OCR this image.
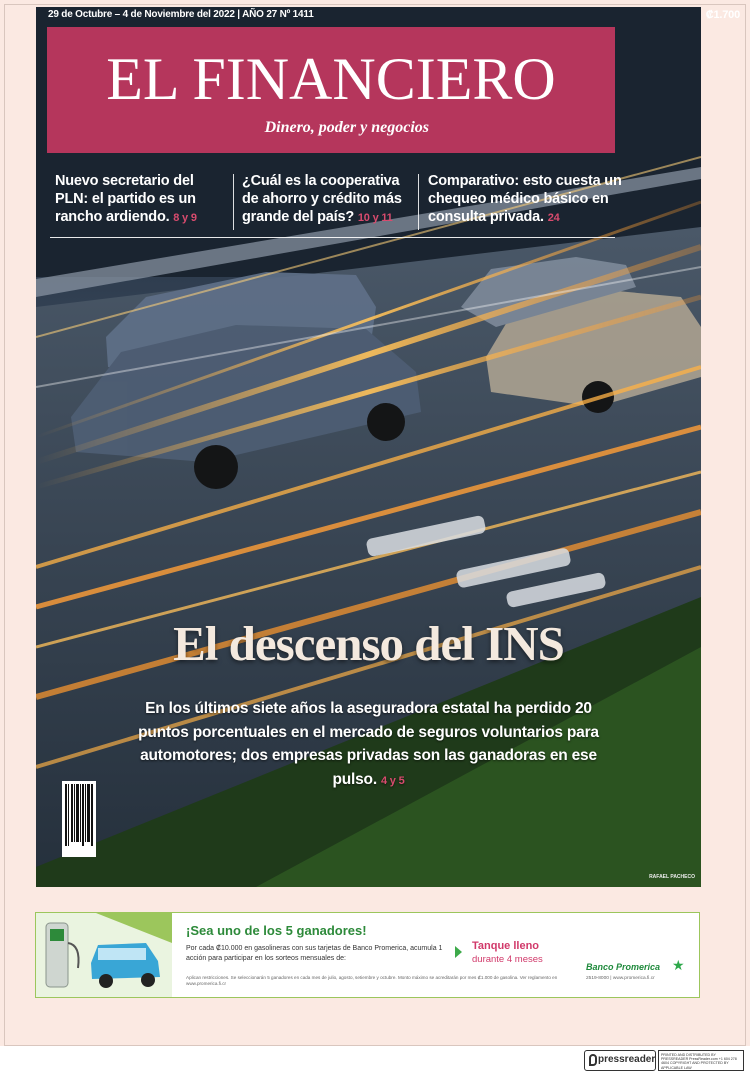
RAFAEL PACHECO
29 de Octubre – 4 de Noviembre del 2022 | AÑO 27 Nº 1411	₡1.700
EL FINANCIERO
Dinero, poder y negocios
Nuevo secretario del PLN: el partido es un rancho ardiendo. 8 y 9
¿Cuál es la cooperativa de ahorro y crédito más grande del país? 10 y 11
Comparativo: esto cuesta un chequeo médico básico en consulta privada. 24
El descenso del INS
En los últimos siete años la aseguradora estatal ha perdido 20 puntos porcentuales en el mercado de seguros voluntarios para automotores; dos empresas privadas son las ganadoras en ese pulso. 4 y 5
¡Sea uno de los 5 ganadores!
Por cada ₡10.000 en gasolineras con sus tarjetas de Banco Promerica, acumula 1 acción para participar en los sorteos mensuales de:
Aplican restricciones. Se seleccionarán 5 ganadores en cada mes de julio, agosto, setiembre y octubre. Monto máximo se acreditarán por mes ₡1.000 de gasolina. Ver reglamento en www.promerica.fi.cr
Tanque lleno
durante 4 meses
Banco Promerica ★
2519-8000 | www.promerica.fi.cr
pressreader	PRINTED AND DISTRIBUTED BY PRESSREADER PressReader.com +1 604 278 4604 COPYRIGHT AND PROTECTED BY APPLICABLE LAW
